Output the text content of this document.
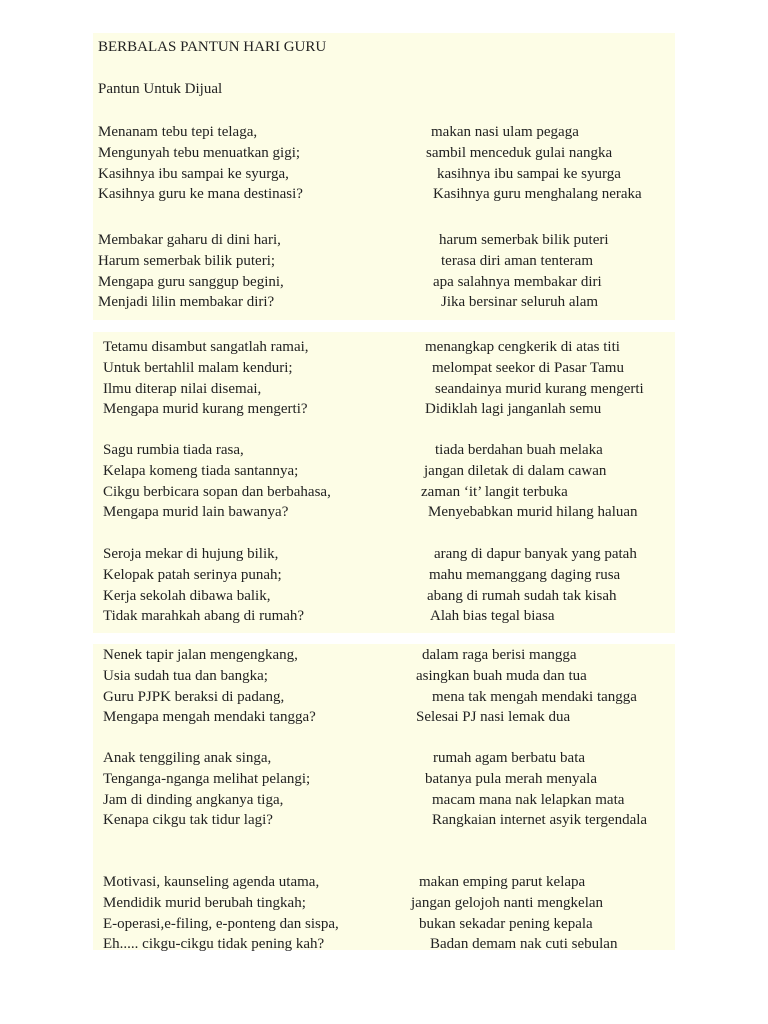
BERBALAS PANTUN HARI GURU
Pantun Untuk Dijual
Menanam tebu tepi telaga,	makan nasi ulam pegaga
Mengunyah tebu menuatkan gigi;	sambil menceduk gulai nangka
Kasihnya ibu sampai ke syurga,	kasihnya ibu sampai ke syurga
Kasihnya guru ke mana destinasi?	Kasihnya guru menghalang neraka
Membakar gaharu di dini hari,	harum semerbak bilik puteri
Harum semerbak bilik puteri;	terasa diri aman tenteram
Mengapa guru sanggup begini,	apa salahnya membakar diri
Menjadi lilin membakar diri?	Jika bersinar seluruh alam
Tetamu disambut sangatlah ramai,	menangkap cengkerik di atas titi
Untuk bertahlil malam kenduri;	melompat seekor di Pasar Tamu
Ilmu diterap nilai disemai,	seandainya murid kurang mengerti
Mengapa murid kurang mengerti?	Didiklah lagi janganlah semu
Sagu rumbia tiada rasa,	tiada berdahan buah melaka
Kelapa komeng tiada santannya;	jangan diletak di dalam cawan
Cikgu berbicara sopan dan berbahasa,	zaman ‘it’ langit terbuka
Mengapa murid lain bawanya?	Menyebabkan murid hilang haluan
Seroja mekar di hujung bilik,	arang di dapur banyak yang patah
Kelopak patah serinya punah;	mahu memanggang daging rusa
Kerja sekolah dibawa balik,	abang di rumah sudah tak kisah
Tidak marahkah abang di rumah?	Alah bias tegal biasa
Nenek tapir jalan mengengkang,	dalam raga berisi mangga
Usia sudah tua dan bangka;	asingkan buah muda dan tua
Guru PJPK beraksi di padang,	mena tak mengah mendaki tangga
Mengapa mengah mendaki tangga?	Selesai PJ nasi lemak dua
Anak tenggiling anak singa,	rumah agam berbatu bata
Tenganga-nganga melihat pelangi;	batanya pula merah menyala
Jam di dinding angkanya tiga,	macam mana nak lelapkan mata
Kenapa cikgu tak tidur lagi?	Rangkaian internet asyik tergendala
Motivasi, kaunseling agenda utama,	makan emping parut kelapa
Mendidik murid berubah tingkah;	jangan gelojoh nanti mengkelan
E-operasi,e-filing, e-ponteng dan sispa,	bukan sekadar pening kepala
Eh..... cikgu-cikgu tidak pening kah?	Badan demam nak cuti sebulan
